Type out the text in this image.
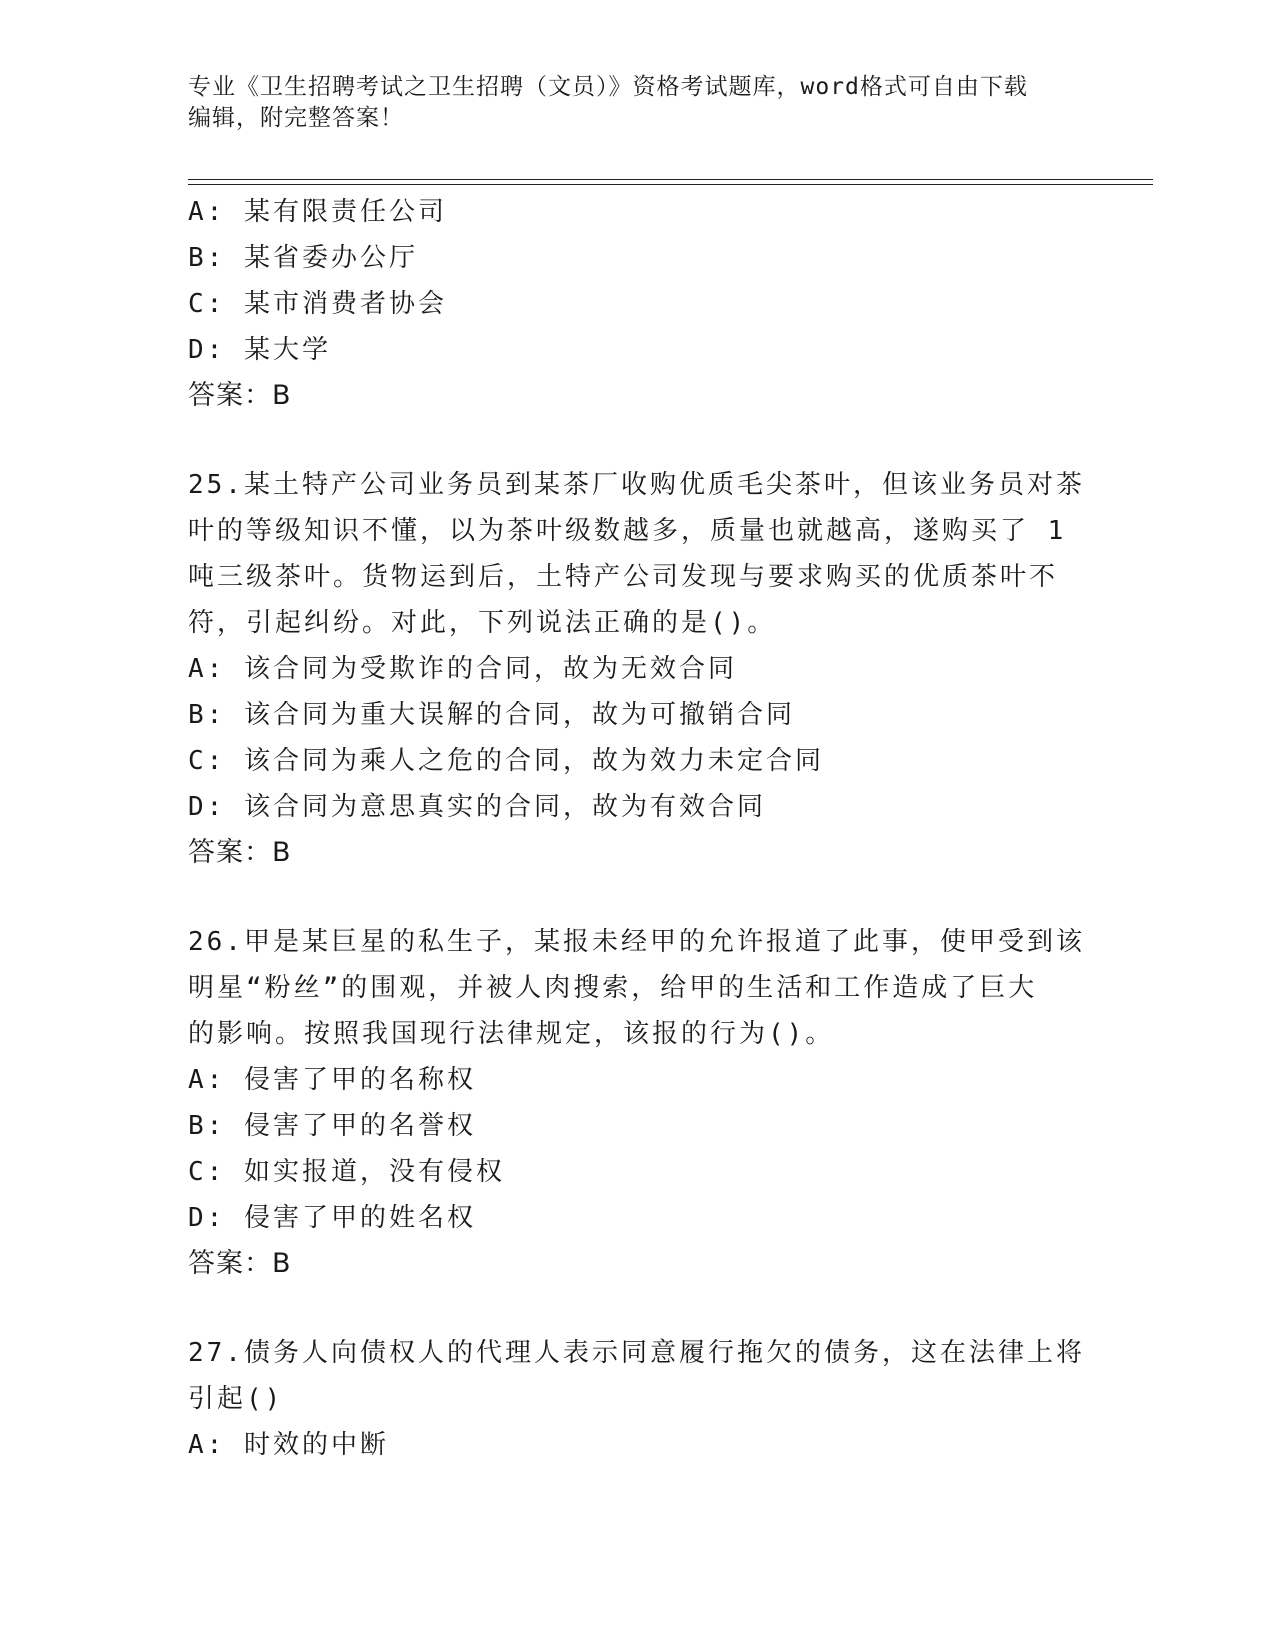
专业《卫生招聘考试之卫生招聘（文员）》资格考试题库，word格式可自由下载
编辑，附完整答案！
A: 某有限责任公司
B: 某省委办公厅
C: 某市消费者协会
D: 某大学
答案：B
25.某土特产公司业务员到某茶厂收购优质毛尖茶叶，但该业务员对茶
叶的等级知识不懂，以为茶叶级数越多，质量也就越高，遂购买了 1
吨三级茶叶。货物运到后，土特产公司发现与要求购买的优质茶叶不
符，引起纠纷。对此，下列说法正确的是()。
A: 该合同为受欺诈的合同，故为无效合同
B: 该合同为重大误解的合同，故为可撤销合同
C: 该合同为乘人之危的合同，故为效力未定合同
D: 该合同为意思真实的合同，故为有效合同
答案：B
26.甲是某巨星的私生子，某报未经甲的允许报道了此事，使甲受到该
明星“粉丝”的围观，并被人肉搜索，给甲的生活和工作造成了巨大
的影响。按照我国现行法律规定，该报的行为()。
A: 侵害了甲的名称权
B: 侵害了甲的名誉权
C: 如实报道，没有侵权
D: 侵害了甲的姓名权
答案：B
27.债务人向债权人的代理人表示同意履行拖欠的债务，这在法律上将
引起()
A: 时效的中断
